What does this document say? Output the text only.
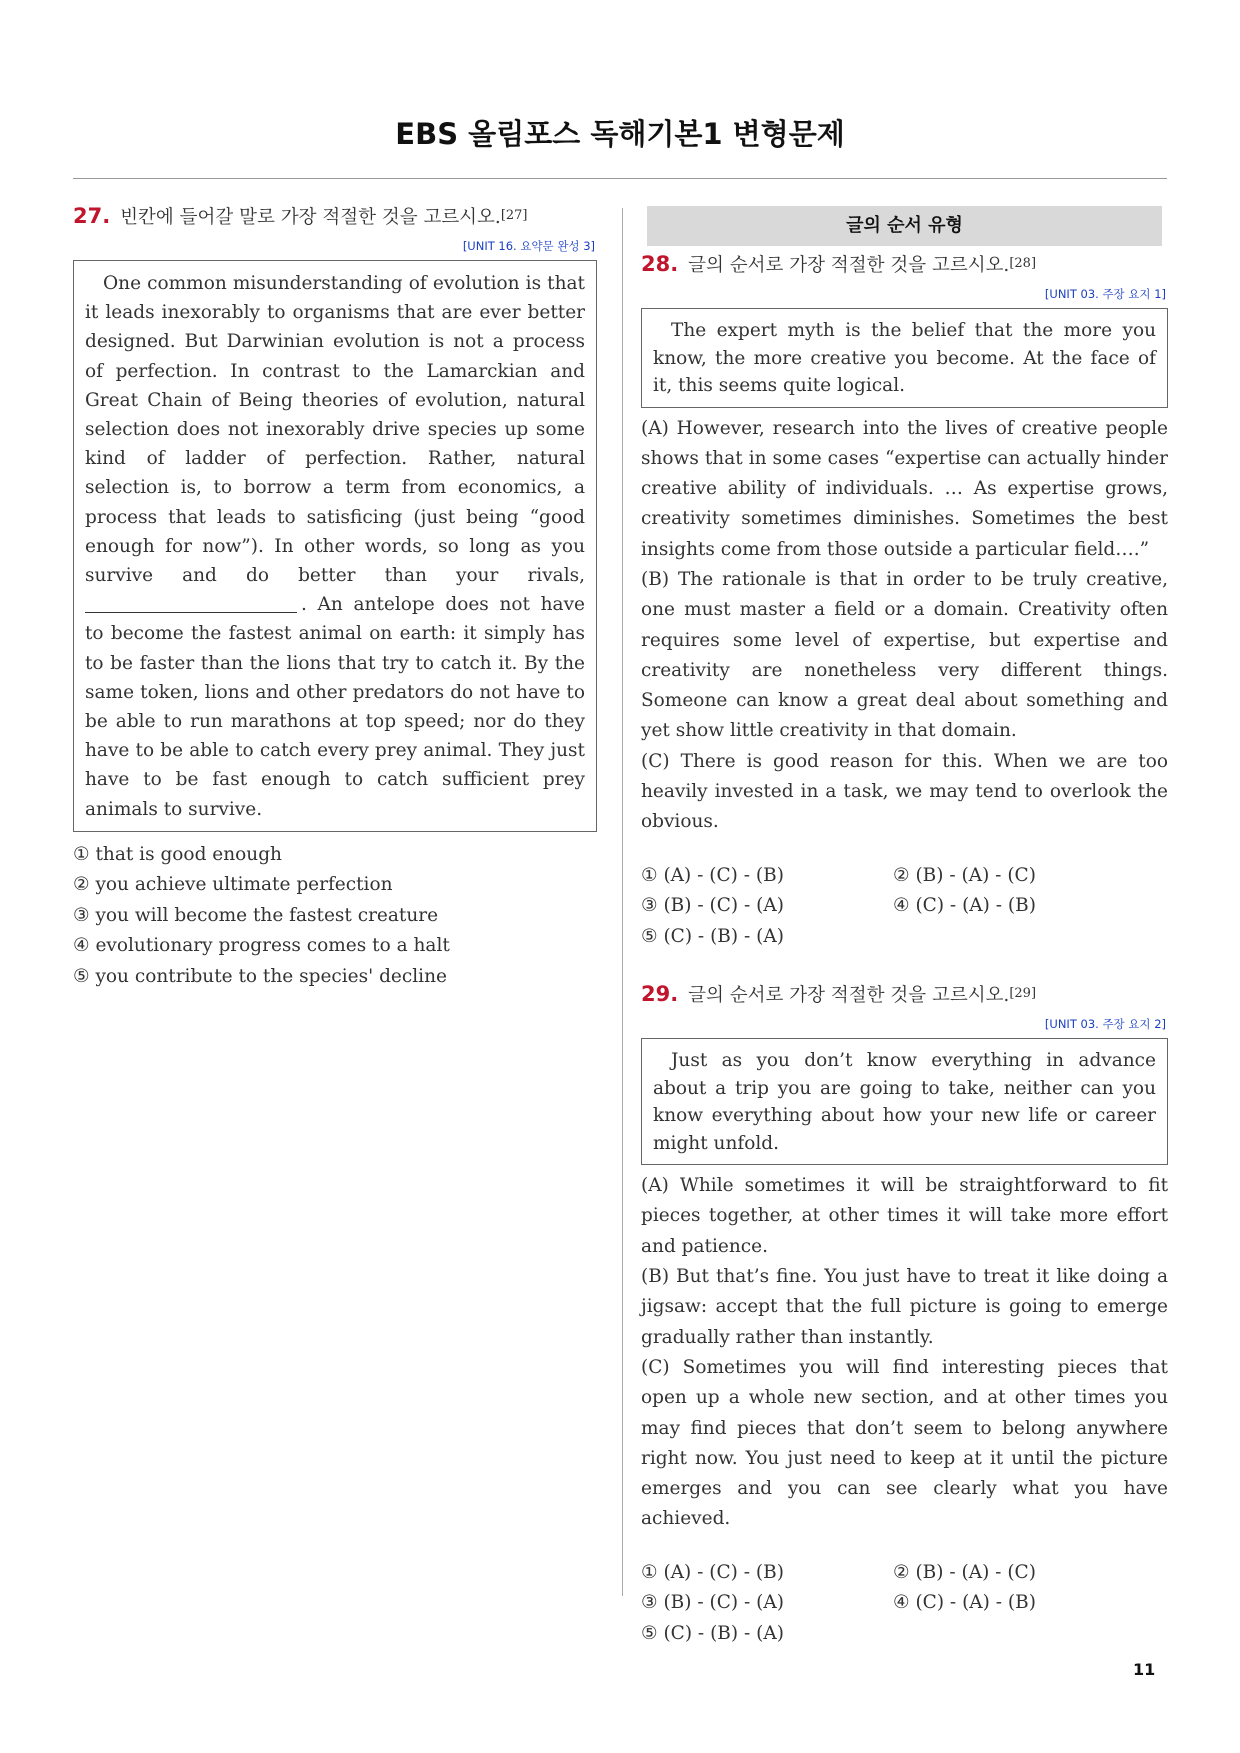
EBS 올림포스 독해기본1 변형문제
27. 빈칸에 들어갈 말로 가장 적절한 것을 고르시오.[27]
[UNIT 16. 요약문 완성 3]
One common misunderstanding of evolution is that it leads inexorably to organisms that are ever better designed. But Darwinian evolution is not a process of perfection. In contrast to the Lamarckian and Great Chain of Being theories of evolution, natural selection does not inexorably drive species up some kind of ladder of perfection. Rather, natural selection is, to borrow a term from economics, a process that leads to satisficing (just being “good enough for now”). In other words, so long as you survive and do better than your rivals, . An antelope does not have to become the fastest animal on earth: it simply has to be faster than the lions that try to catch it. By the same token, lions and other predators do not have to be able to run marathons at top speed; nor do they have to be able to catch every prey animal. They just have to be fast enough to catch sufficient prey animals to survive.
① that is good enough
② you achieve ultimate perfection
③ you will become the fastest creature
④ evolutionary progress comes to a halt
⑤ you contribute to the species' decline
글의 순서 유형
28. 글의 순서로 가장 적절한 것을 고르시오.[28]
[UNIT 03. 주장 요지 1]
The expert myth is the belief that the more you know, the more creative you become. At the face of it, this seems quite logical.
(A) However, research into the lives of creative people shows that in some cases “expertise can actually hinder creative ability of individuals. … As expertise grows, creativity sometimes diminishes. Sometimes the best insights come from those outside a particular field….”
(B) The rationale is that in order to be truly creative, one must master a field or a domain. Creativity often requires some level of expertise, but expertise and creativity are nonetheless very different things. Someone can know a great deal about something and yet show little creativity in that domain.
(C) There is good reason for this. When we are too heavily invested in a task, we may tend to overlook the obvious.
① (A) - (C) - (B)	② (B) - (A) - (C)
③ (B) - (C) - (A)	④ (C) - (A) - (B)
⑤ (C) - (B) - (A)
29. 글의 순서로 가장 적절한 것을 고르시오.[29]
[UNIT 03. 주장 요지 2]
Just as you don’t know everything in advance about a trip you are going to take, neither can you know everything about how your new life or career might unfold.
(A) While sometimes it will be straightforward to fit pieces together, at other times it will take more effort and patience.
(B) But that’s fine. You just have to treat it like doing a jigsaw: accept that the full picture is going to emerge gradually rather than instantly.
(C) Sometimes you will find interesting pieces that open up a whole new section, and at other times you may find pieces that don’t seem to belong anywhere right now. You just need to keep at it until the picture emerges and you can see clearly what you have achieved.
① (A) - (C) - (B)	② (B) - (A) - (C)
③ (B) - (C) - (A)	④ (C) - (A) - (B)
⑤ (C) - (B) - (A)
11
